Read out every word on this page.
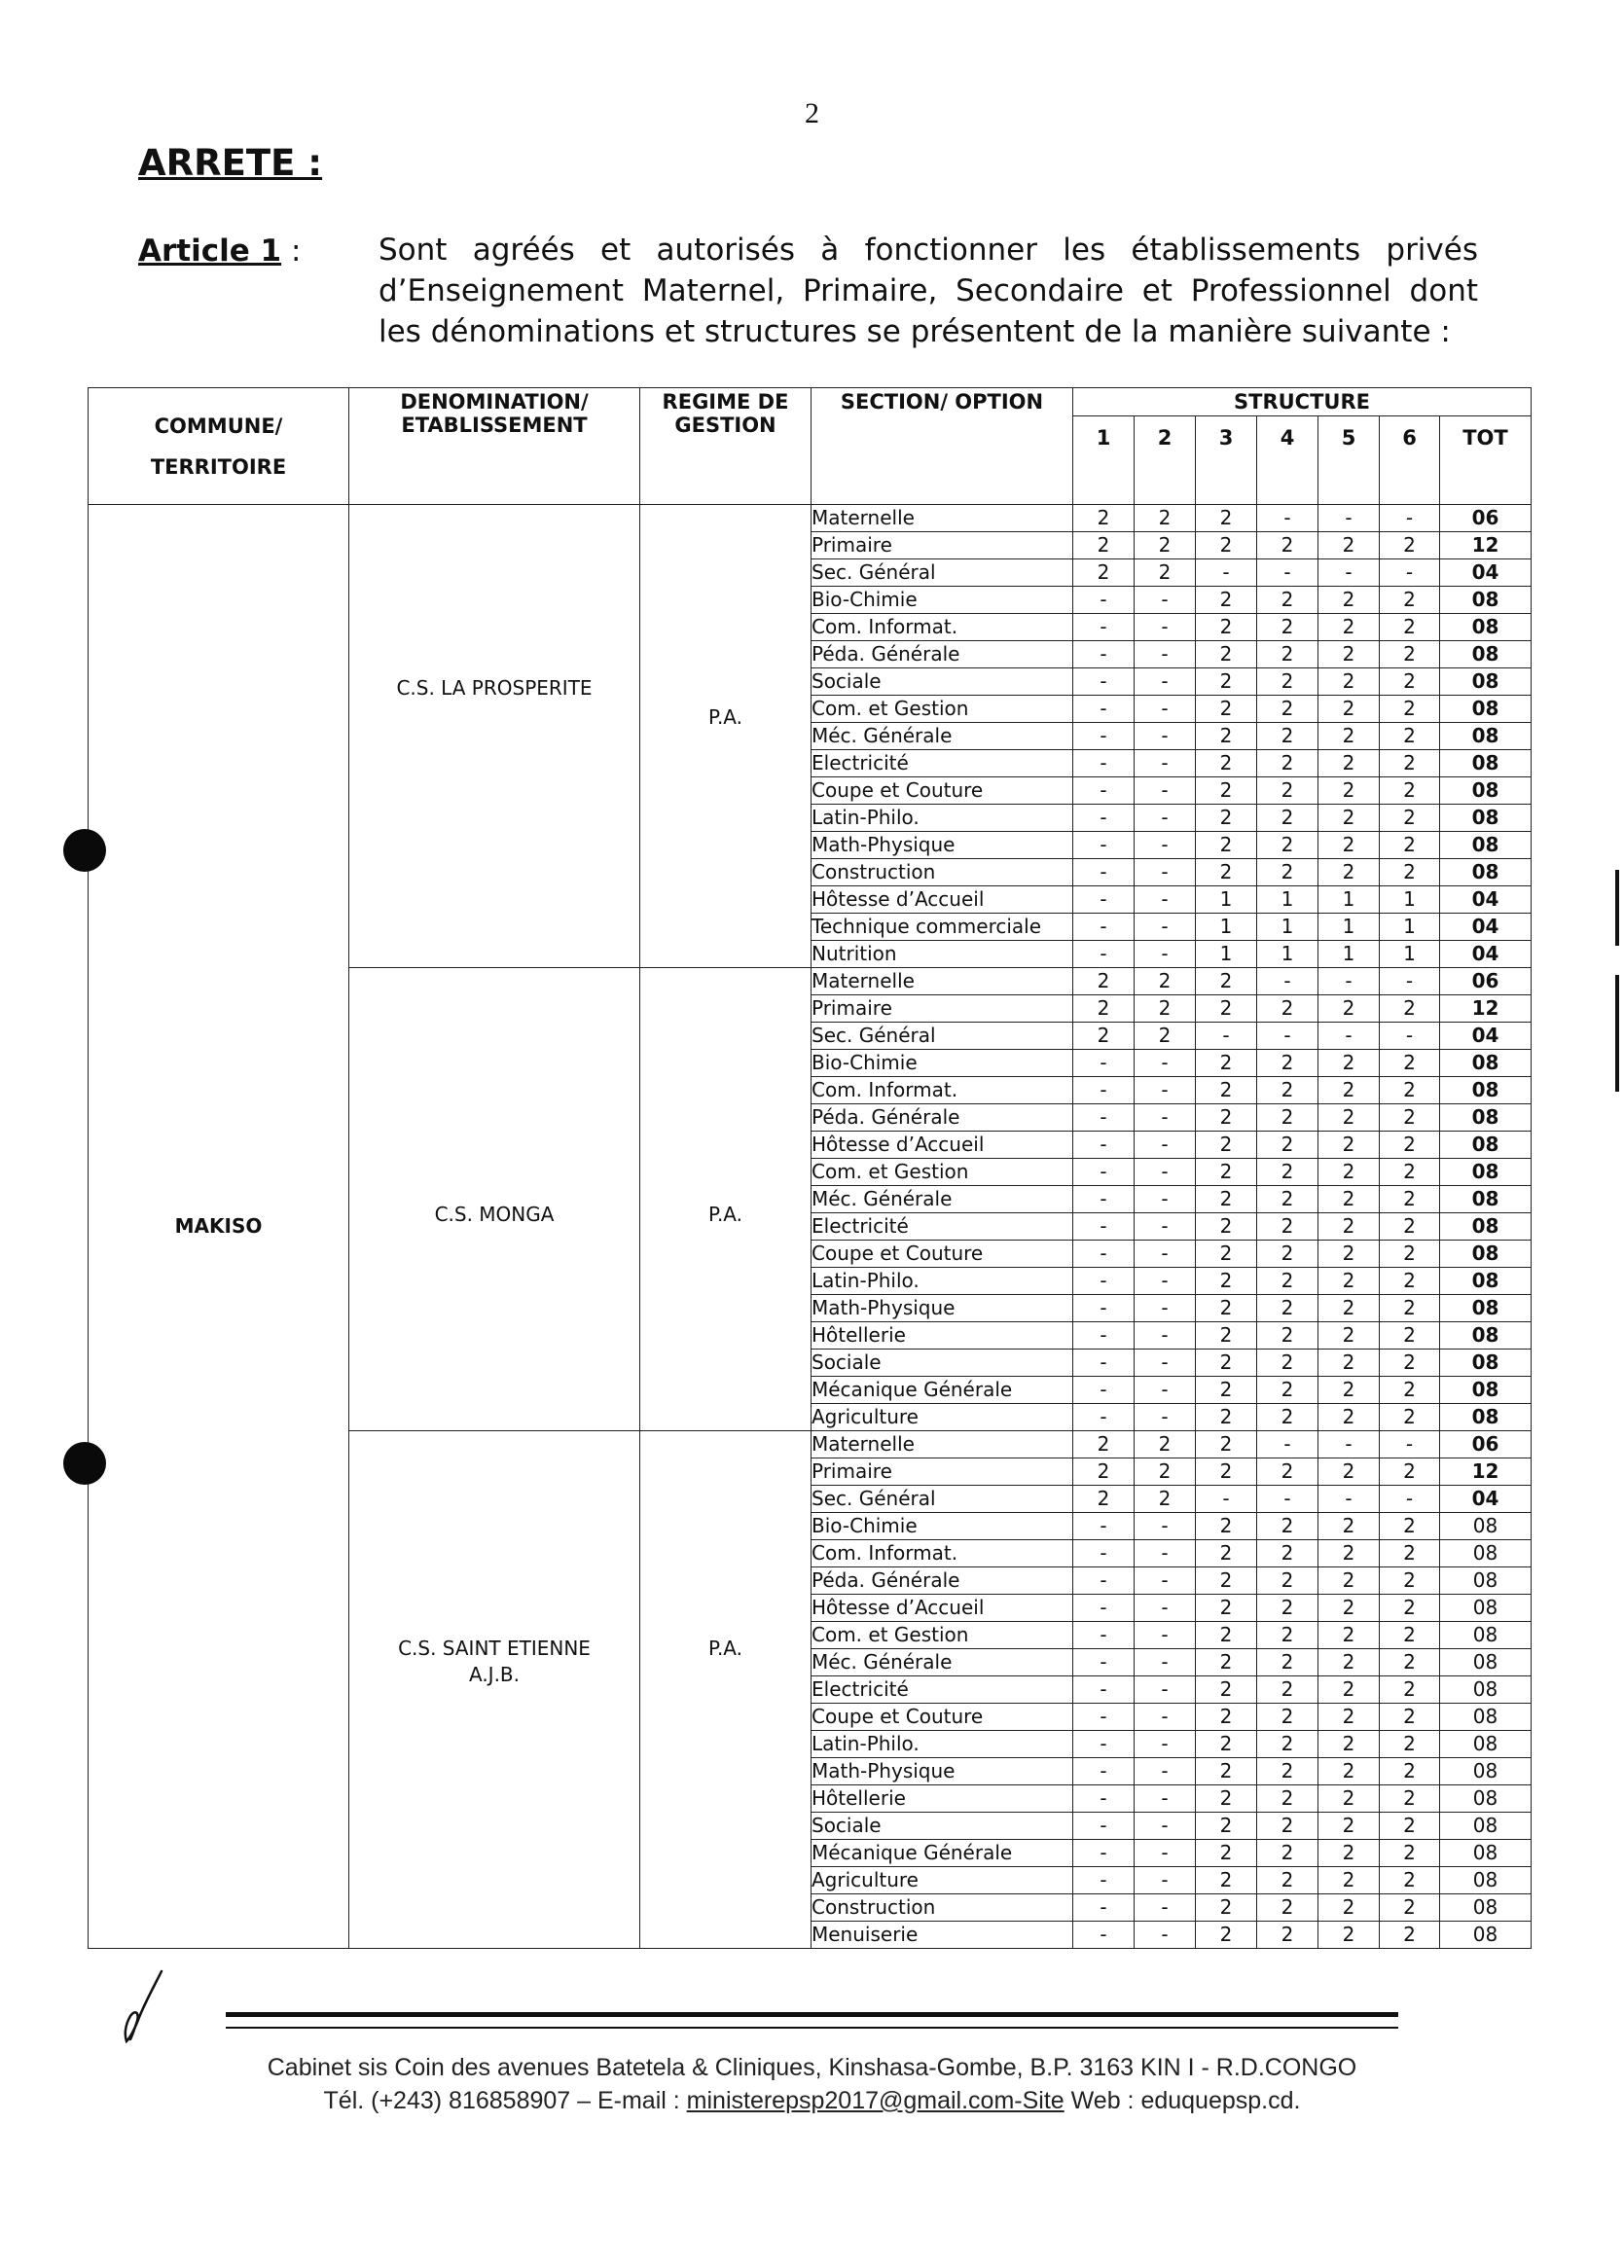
2
ARRETE :
Article 1 :	Sont agréés et autorisés à fonctionner les établissements privés d’Enseignement Maternel, Primaire, Secondaire et Professionnel dont les dénominations et structures se présentent de la manière suivante :
COMMUNE/
TERRITOIRE	DENOMINATION/ ETABLISSEMENT	REGIME DE GESTION	SECTION/ OPTION	STRUCTURE						
				1	2	3	4	5	6	TOT
MAKISO	C.S. LA PROSPERITE	P.A.	Maternelle	2	2	2	-	-	-	06
			Primaire	2	2	2	2	2	2	12
			Sec. Général	2	2	-	-	-	-	04
			Bio-Chimie	-	-	2	2	2	2	08
			Com. Informat.	-	-	2	2	2	2	08
			Péda. Générale	-	-	2	2	2	2	08
			Sociale	-	-	2	2	2	2	08
			Com. et Gestion	-	-	2	2	2	2	08
			Méc. Générale	-	-	2	2	2	2	08
			Electricité	-	-	2	2	2	2	08
			Coupe et Couture	-	-	2	2	2	2	08
			Latin-Philo.	-	-	2	2	2	2	08
			Math-Physique	-	-	2	2	2	2	08
			Construction	-	-	2	2	2	2	08
			Hôtesse d’Accueil	-	-	1	1	1	1	04
			Technique commerciale	-	-	1	1	1	1	04
			Nutrition	-	-	1	1	1	1	04

	C.S. MONGA	P.A.	Maternelle	2	2	2	-	-	-	06
			Primaire	2	2	2	2	2	2	12
			Sec. Général	2	2	-	-	-	-	04
			Bio-Chimie	-	-	2	2	2	2	08
			Com. Informat.	-	-	2	2	2	2	08
			Péda. Générale	-	-	2	2	2	2	08
			Hôtesse d’Accueil	-	-	2	2	2	2	08
			Com. et Gestion	-	-	2	2	2	2	08
			Méc. Générale	-	-	2	2	2	2	08
			Electricité	-	-	2	2	2	2	08
			Coupe et Couture	-	-	2	2	2	2	08
			Latin-Philo.	-	-	2	2	2	2	08
			Math-Physique	-	-	2	2	2	2	08
			Hôtellerie	-	-	2	2	2	2	08
			Sociale	-	-	2	2	2	2	08
			Mécanique Générale	-	-	2	2	2	2	08
			Agriculture	-	-	2	2	2	2	08

	C.S. SAINT ETIENNE
A.J.B.	P.A.	Maternelle	2	2	2	-	-	-	06
			Primaire	2	2	2	2	2	2	12
			Sec. Général	2	2	-	-	-	-	04
			Bio-Chimie	-	-	2	2	2	2	08
			Com. Informat.	-	-	2	2	2	2	08
			Péda. Générale	-	-	2	2	2	2	08
			Hôtesse d’Accueil	-	-	2	2	2	2	08
			Com. et Gestion	-	-	2	2	2	2	08
			Méc. Générale	-	-	2	2	2	2	08
			Electricité	-	-	2	2	2	2	08
			Coupe et Couture	-	-	2	2	2	2	08
			Latin-Philo.	-	-	2	2	2	2	08
			Math-Physique	-	-	2	2	2	2	08
			Hôtellerie	-	-	2	2	2	2	08
			Sociale	-	-	2	2	2	2	08
			Mécanique Générale	-	-	2	2	2	2	08
			Agriculture	-	-	2	2	2	2	08
			Construction	-	-	2	2	2	2	08
			Menuiserie	-	-	2	2	2	2	08
Cabinet sis Coin des avenues Batetela & Cliniques, Kinshasa-Gombe, B.P. 3163 KIN I - R.D.CONGO
Tél. (+243) 816858907 – E-mail : ministerepsp2017@gmail.com-Site Web : eduquepsp.cd.
